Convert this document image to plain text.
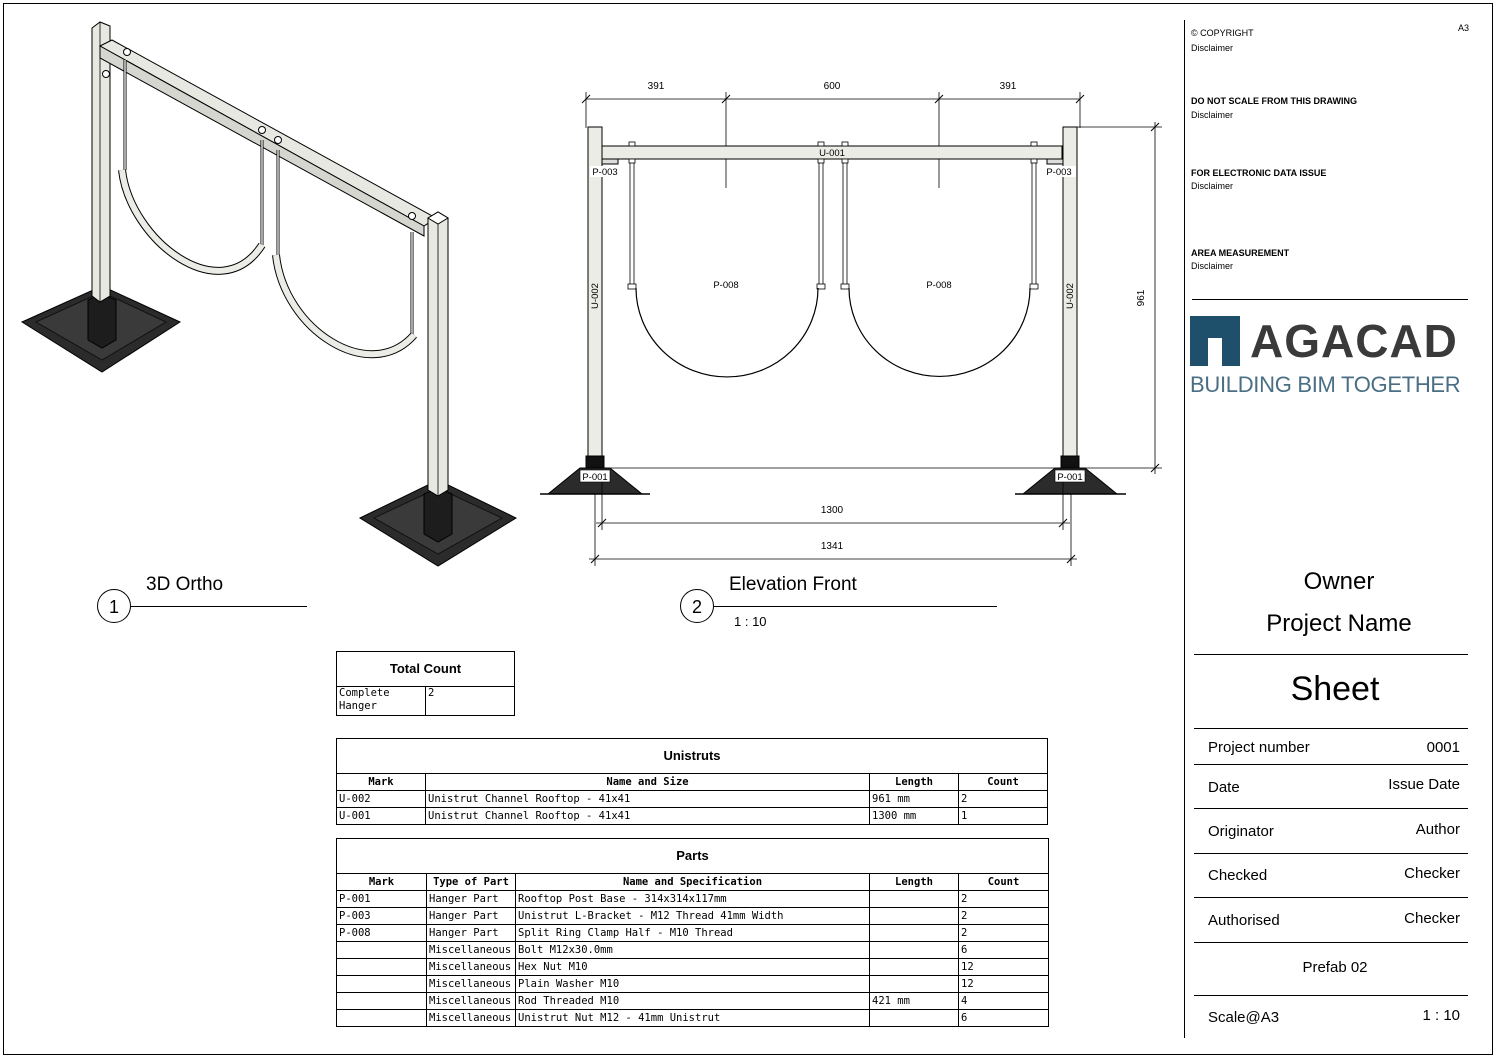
1
3D Ortho
391	600	391
961
U-001
U-002	U-002
P-003	P-003
P-008	P-008
P-001	P-001
1300
1341
2
Elevation Front
1 : 10
Total Count
Complete Hanger	2
Unistruts			
Mark	Name and Size	Length	Count
U-002	Unistrut Channel Rooftop - 41x41	961 mm	2
U-001	Unistrut Channel Rooftop - 41x41	1300 mm	1
Parts				
Mark	Type of Part	Name and Specification	Length	Count
P-001	Hanger Part	Rooftop Post Base - 314x314x117mm		2
P-003	Hanger Part	Unistrut L-Bracket - M12 Thread 41mm Width		2
P-008	Hanger Part	Split Ring Clamp Half - M10 Thread		2
	Miscellaneous	Bolt M12x30.0mm		6
	Miscellaneous	Hex Nut M10		12
	Miscellaneous	Plain Washer M10		12
	Miscellaneous	Rod Threaded M10	421 mm	4
	Miscellaneous	Unistrut Nut M12 - 41mm Unistrut		6
A3
© COPYRIGHT
Disclaimer
DO NOT SCALE FROM THIS DRAWING
Disclaimer
FOR ELECTRONIC DATA ISSUE
Disclaimer
AREA MEASUREMENT
Disclaimer
AGACAD
BUILDING BIM TOGETHER
Owner
Project Name
Sheet
Project number	0001
Date	Issue Date
Originator	Author
Checked	Checker
Authorised	Checker
Prefab 02
Scale@A3	1 : 10
